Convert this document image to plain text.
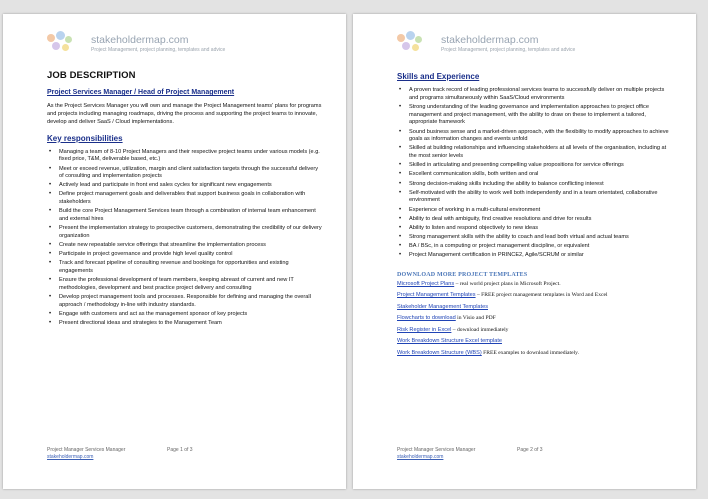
stakeholdermap.com
Project Management, project planning, templates and advice
JOB DESCRIPTION
Project Services Manager / Head of Project Management

As the Project Services Manager you will own and manage the Project Management teams' plans for programs and projects including managing roadmaps, driving the process and supporting the project teams to innovate, develop and deliver SaaS / Cloud implementations.

Key responsibilities
• Managing a team of 8-10 Project Managers and their respective project teams under various models (e.g. fixed price, T&M, deliverable based, etc.)
• Meet or exceed revenue, utilization, margin and client satisfaction targets through the successful delivery of consulting and implementation projects
• Actively lead and participate in front end sales cycles for significant new engagements
• Define project management goals and deliverables that support business goals in collaboration with stakeholders
• Build the core Project Management Services team through a combination of internal team enhancement and external hires
• Present the implementation strategy to prospective customers, demonstrating the credibility of our delivery organization
• Create new repeatable service offerings that streamline the implementation process
• Participate in project governance and provide high level quality control
• Track and forecast pipeline of consulting revenue and bookings for opportunities and existing engagements
• Ensure the professional development of team members, keeping abreast of current and new IT methodologies, development and best practice project delivery and consulting
• Develop project management tools and processes. Responsible for defining and managing the overall approach / methodology in-line with industry standards.
• Engage with customers and act as the management sponsor of key projects
• Present directional ideas and strategies to the Management Team
Project Manager Services Manager	Page 1 of 3
stakeholdermap.com
stakeholdermap.com
Project Management, project planning, templates and advice
Skills and Experience
• A proven track record of leading professional services teams to successfully deliver on multiple projects and programs simultaneously within SaaS/Cloud environments
• Strong understanding of the leading governance and implementation approaches to project office management and project management, with the ability to draw on these to implement a tailored, appropriate framework
• Sound business sense and a market-driven approach, with the flexibility to modify approaches to achieve goals as information changes and events unfold
• Skilled at building relationships and influencing stakeholders at all levels of the organisation, including at the most senior levels
• Skilled in articulating and presenting compelling value propositions for service offerings
• Excellent communication skills, both written and oral
• Strong decision-making skills including the ability to balance conflicting interest
• Self-motivated with the ability to work well both independently and in a team orientated, collaborative environment
• Experience of working in a multi-cultural environment
• Ability to deal with ambiguity, find creative resolutions and drive for results
• Ability to listen and respond objectively to new ideas
• Strong management skills with the ability to coach and lead both virtual and actual teams
• BA / BSc, in a computing or project management discipline, or equivalent
• Project Management certification in PRINCE2, Agile/SCRUM or similar
DOWNLOAD MORE PROJECT TEMPLATES
Microsoft Project Plans – real world project plans in Microsoft Project.
Project Management Templates – FREE project management templates in Word and Excel
Stakeholder Management Templates
Flowcharts to download in Visio and PDF
Risk Register in Excel – download immediately
Work Breakdown Structure Excel template
Work Breakdown Structure (WBS) FREE examples to download immediately.
Project Manager Services Manager	Page 2 of 3
stakeholdermap.com
